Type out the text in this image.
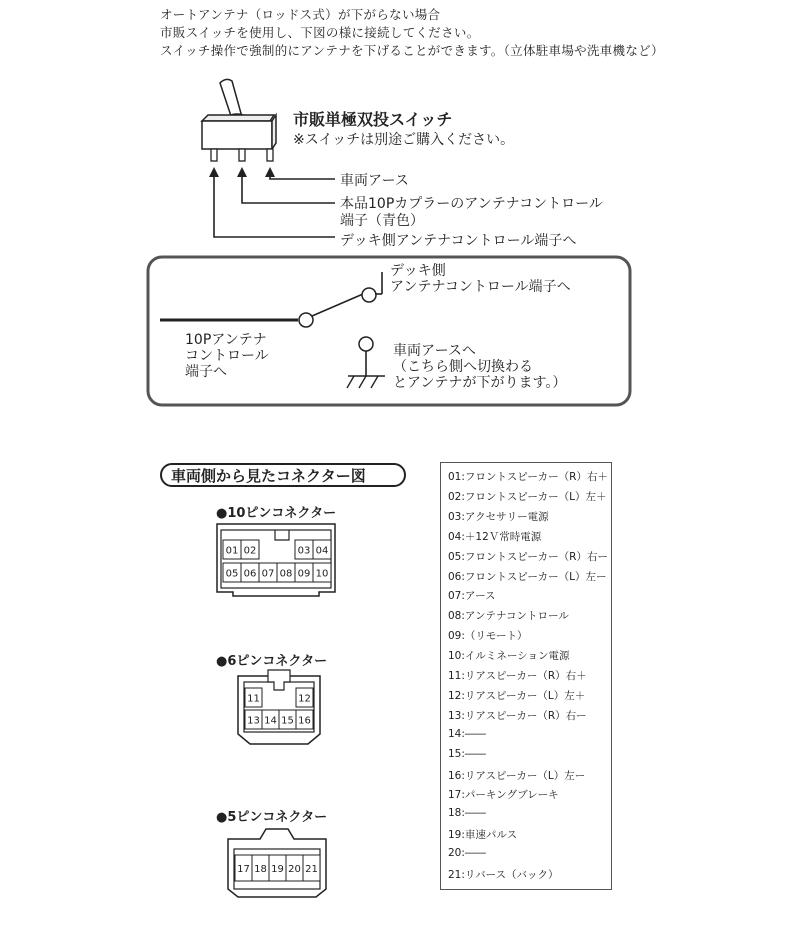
オートアンテナ（ロッドス式）が下がらない場合
市販スイッチを使用し、下図の様に接続してください。
スイッチ操作で強制的にアンテナを下げることができます。（立体駐車場や洗車機など）
市販単極双投スイッチ
※スイッチは別途ご購入ください。
車両アース
本品10Pカプラーのアンテナコントロール
端子（青色）
デッキ側アンテナコントロール端子へ
デッキ側
アンテナコントロール端子へ
10Pアンテナ
コントロール
端子へ
車両アースへ
（こちら側へ切換わる
とアンテナが下がります。）
車両側から見たコネクター図
●10ピンコネクター
01 02	03 04
05 06 07 08 09 10
●6ピンコネクター
11	12
13 14 15 16
●5ピンコネクター
17 18 19 20 21
01:フロントスピーカー（R）右＋
02:フロントスピーカー（L）左＋
03:アクセサリー電源
04:＋12Ｖ常時電源
05:フロントスピーカー（R）右ー
06:フロントスピーカー（L）左ー
07:アース
08:アンテナコントロール
09:（リモート）
10:イルミネーション電源
11:リアスピーカー（R）右＋
12:リアスピーカー（L）左＋
13:リアスピーカー（R）右ー
14:――
15:――
16:リアスピーカー（L）左ー
17:パーキングブレーキ
18:――
19:車速パルス
20:――
21:リバース（バック）
